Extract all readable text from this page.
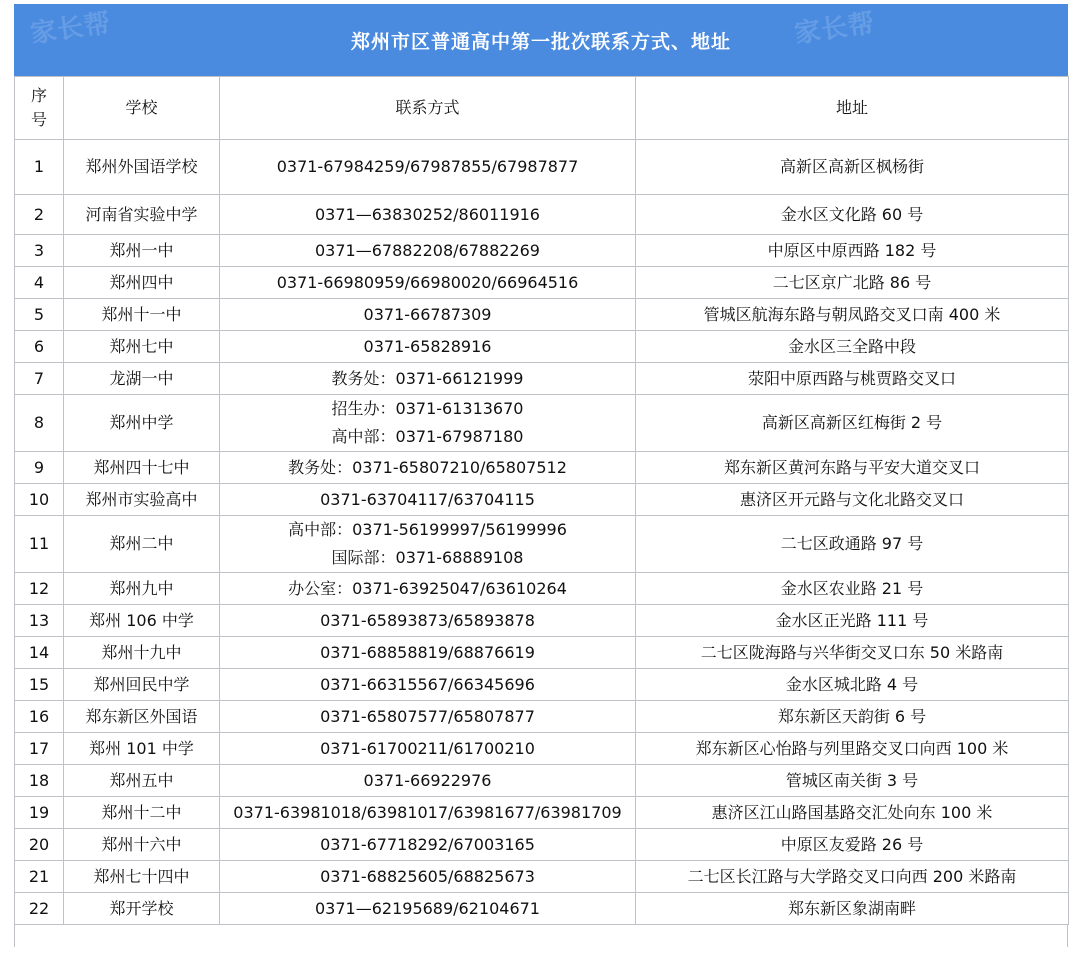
家长帮	家长帮
郑州市区普通高中第一批次联系方式、地址
序
号	学校	联系方式	地址
1	郑州外国语学校	0371-67984259/67987855/67987877	高新区高新区枫杨街
2	河南省实验中学	0371—63830252/86011916	金水区文化路 60 号
3	郑州一中	0371—67882208/67882269	中原区中原西路 182 号
4	郑州四中	0371-66980959/66980020/66964516	二七区京广北路 86 号
5	郑州十一中	0371-66787309	管城区航海东路与朝凤路交叉口南 400 米
6	郑州七中	0371-65828916	金水区三全路中段
7	龙湖一中	教务处：0371-66121999	荥阳中原西路与桃贾路交叉口
8	郑州中学	招生办：0371-61313670
高中部：0371-67987180	高新区高新区红梅街 2 号
9	郑州四十七中	教务处：0371-65807210/65807512	郑东新区黄河东路与平安大道交叉口
10	郑州市实验高中	0371-63704117/63704115	惠济区开元路与文化北路交叉口
11	郑州二中	高中部：0371-56199997/56199996
国际部：0371-68889108	二七区政通路 97 号
12	郑州九中	办公室：0371-63925047/63610264	金水区农业路 21 号
13	郑州 106 中学	0371-65893873/65893878	金水区正光路 111 号
14	郑州十九中	0371-68858819/68876619	二七区陇海路与兴华街交叉口东 50 米路南
15	郑州回民中学	0371-66315567/66345696	金水区城北路 4 号
16	郑东新区外国语	0371-65807577/65807877	郑东新区天韵街 6 号
17	郑州 101 中学	0371-61700211/61700210	郑东新区心怡路与列里路交叉口向西 100 米
18	郑州五中	0371-66922976	管城区南关街 3 号
19	郑州十二中	0371-63981018/63981017/63981677/63981709	惠济区江山路国基路交汇处向东 100 米
20	郑州十六中	0371-67718292/67003165	中原区友爱路 26 号
21	郑州七十四中	0371-68825605/68825673	二七区长江路与大学路交叉口向西 200 米路南
22	郑开学校	0371—62195689/62104671	郑东新区象湖南畔
